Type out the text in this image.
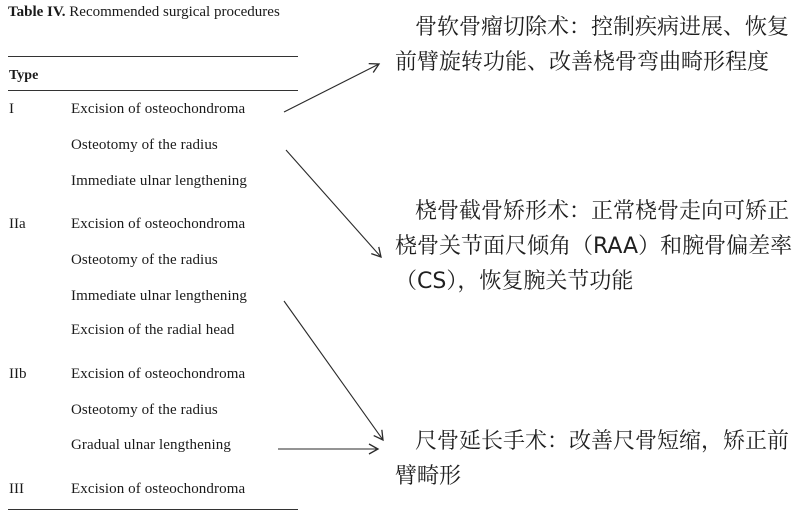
Table IV. Recommended surgical procedures
Type
I	Excision of osteochondroma
Osteotomy of the radius
Immediate ulnar lengthening
IIa	Excision of osteochondroma
Osteotomy of the radius
Immediate ulnar lengthening
Excision of the radial head
IIb	Excision of osteochondroma
Osteotomy of the radius
Gradual ulnar lengthening
III	Excision of osteochondroma
骨软骨瘤切除术：控制疾病进展、恢复前臂旋转功能、改善桡骨弯曲畸形程度
桡骨截骨矫形术：正常桡骨走向可矫正桡骨关节面尺倾角（RAA）和腕骨偏差率（CS），恢复腕关节功能
尺骨延长手术：改善尺骨短缩，矫正前臂畸形
